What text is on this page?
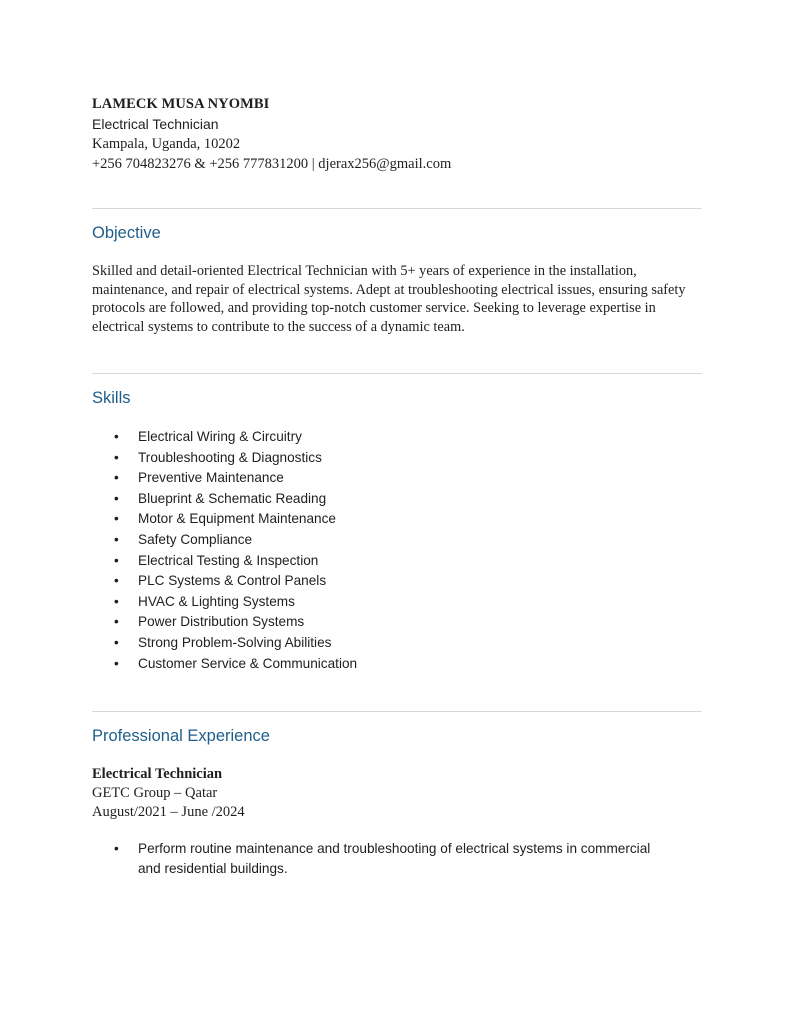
LAMECK MUSA NYOMBI
Electrical Technician
Kampala, Uganda, 10202
+256 704823276 & +256 777831200 | djerax256@gmail.com
Objective
Skilled and detail-oriented Electrical Technician with 5+ years of experience in the installation, maintenance, and repair of electrical systems. Adept at troubleshooting electrical issues, ensuring safety protocols are followed, and providing top-notch customer service. Seeking to leverage expertise in electrical systems to contribute to the success of a dynamic team.
Skills
• Electrical Wiring & Circuitry
• Troubleshooting & Diagnostics
• Preventive Maintenance
• Blueprint & Schematic Reading
• Motor & Equipment Maintenance
• Safety Compliance
• Electrical Testing & Inspection
• PLC Systems & Control Panels
• HVAC & Lighting Systems
• Power Distribution Systems
• Strong Problem-Solving Abilities
• Customer Service & Communication
Professional Experience
Electrical Technician
GETC Group – Qatar
August/2021 – June /2024
• Perform routine maintenance and troubleshooting of electrical systems in commercial and residential buildings.
